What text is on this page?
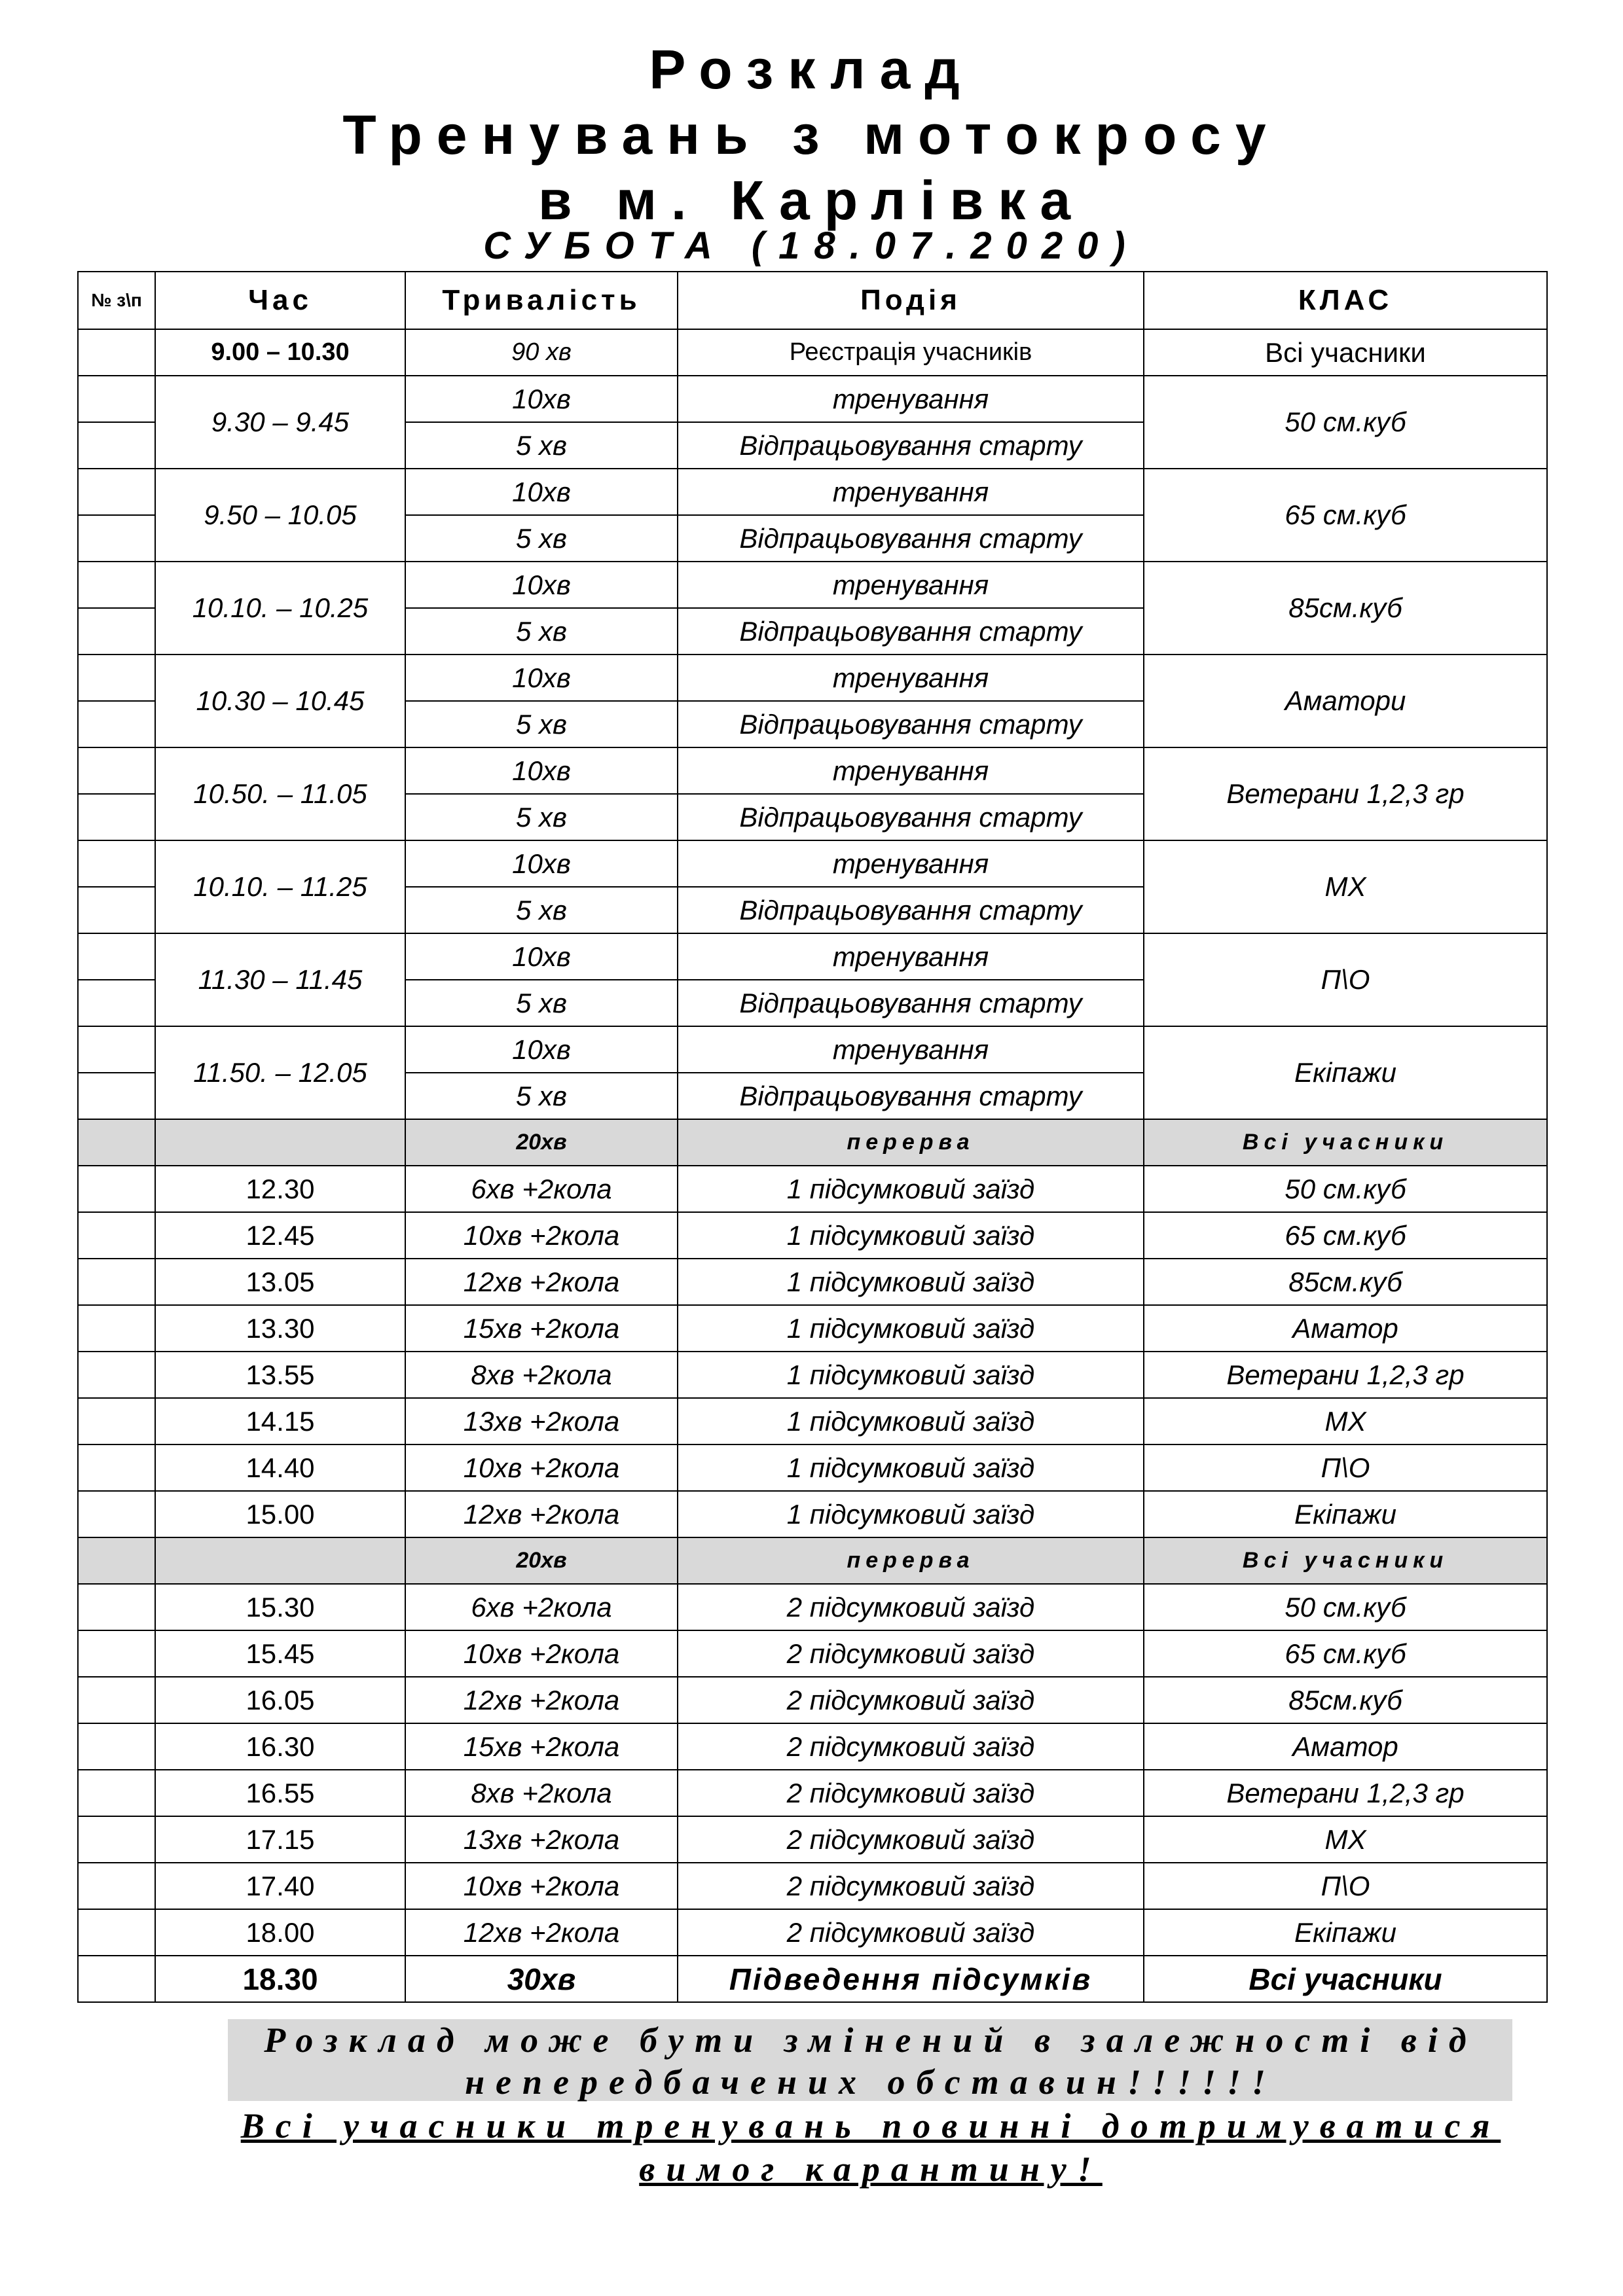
Розклад
Тренувань з мотокросу
в м. Карлівка
СУБОТА (18.07.2020)
№ з\п	Час	Тривалість	Подія	КЛАС
	9.00 – 10.30	90 хв	Реєстрація учасників	Всі учасники
	9.30 – 9.45	10хв	тренування	50 см.куб
		5 хв	Відпрацьовування старту	
	9.50 – 10.05	10хв	тренування	65 см.куб
		5 хв	Відпрацьовування старту	
	10.10. – 10.25	10хв	тренування	85см.куб
		5 хв	Відпрацьовування старту	
	10.30 – 10.45	10хв	тренування	Аматори
		5 хв	Відпрацьовування старту	
	10.50. – 11.05	10хв	тренування	Ветерани 1,2,3 гр
		5 хв	Відпрацьовування старту	
	10.10. – 11.25	10хв	тренування	MX
		5 хв	Відпрацьовування старту	
	11.30 – 11.45	10хв	тренування	П\О
		5 хв	Відпрацьовування старту	
	11.50. – 12.05	10хв	тренування	Екіпажи
		5 хв	Відпрацьовування старту	
		20хв	перерва	Всі учасники
	12.30	6хв +2кола	1 підсумковий заїзд	50 см.куб
	12.45	10хв +2кола	1 підсумковий заїзд	65 см.куб
	13.05	12хв +2кола	1 підсумковий заїзд	85см.куб
	13.30	15хв +2кола	1 підсумковий заїзд	Аматор
	13.55	8хв +2кола	1 підсумковий заїзд	Ветерани 1,2,3 гр
	14.15	13хв +2кола	1 підсумковий заїзд	MX
	14.40	10хв +2кола	1 підсумковий заїзд	П\О
	15.00	12хв +2кола	1 підсумковий заїзд	Екіпажи
		20хв	перерва	Всі учасники
	15.30	6хв +2кола	2 підсумковий заїзд	50 см.куб
	15.45	10хв +2кола	2 підсумковий заїзд	65 см.куб
	16.05	12хв +2кола	2 підсумковий заїзд	85см.куб
	16.30	15хв +2кола	2 підсумковий заїзд	Аматор
	16.55	8хв +2кола	2 підсумковий заїзд	Ветерани 1,2,3 гр
	17.15	13хв +2кола	2 підсумковий заїзд	MX
	17.40	10хв +2кола	2 підсумковий заїзд	П\О
	18.00	12хв +2кола	2 підсумковий заїзд	Екіпажи
	18.30	30хв	Підведення підсумків	Всі учасники
Розклад може бути змінений в залежності від
непередбачених обставин!!!!!!
Всі учасники тренувань повинні дотримуватися
вимог карантину!
